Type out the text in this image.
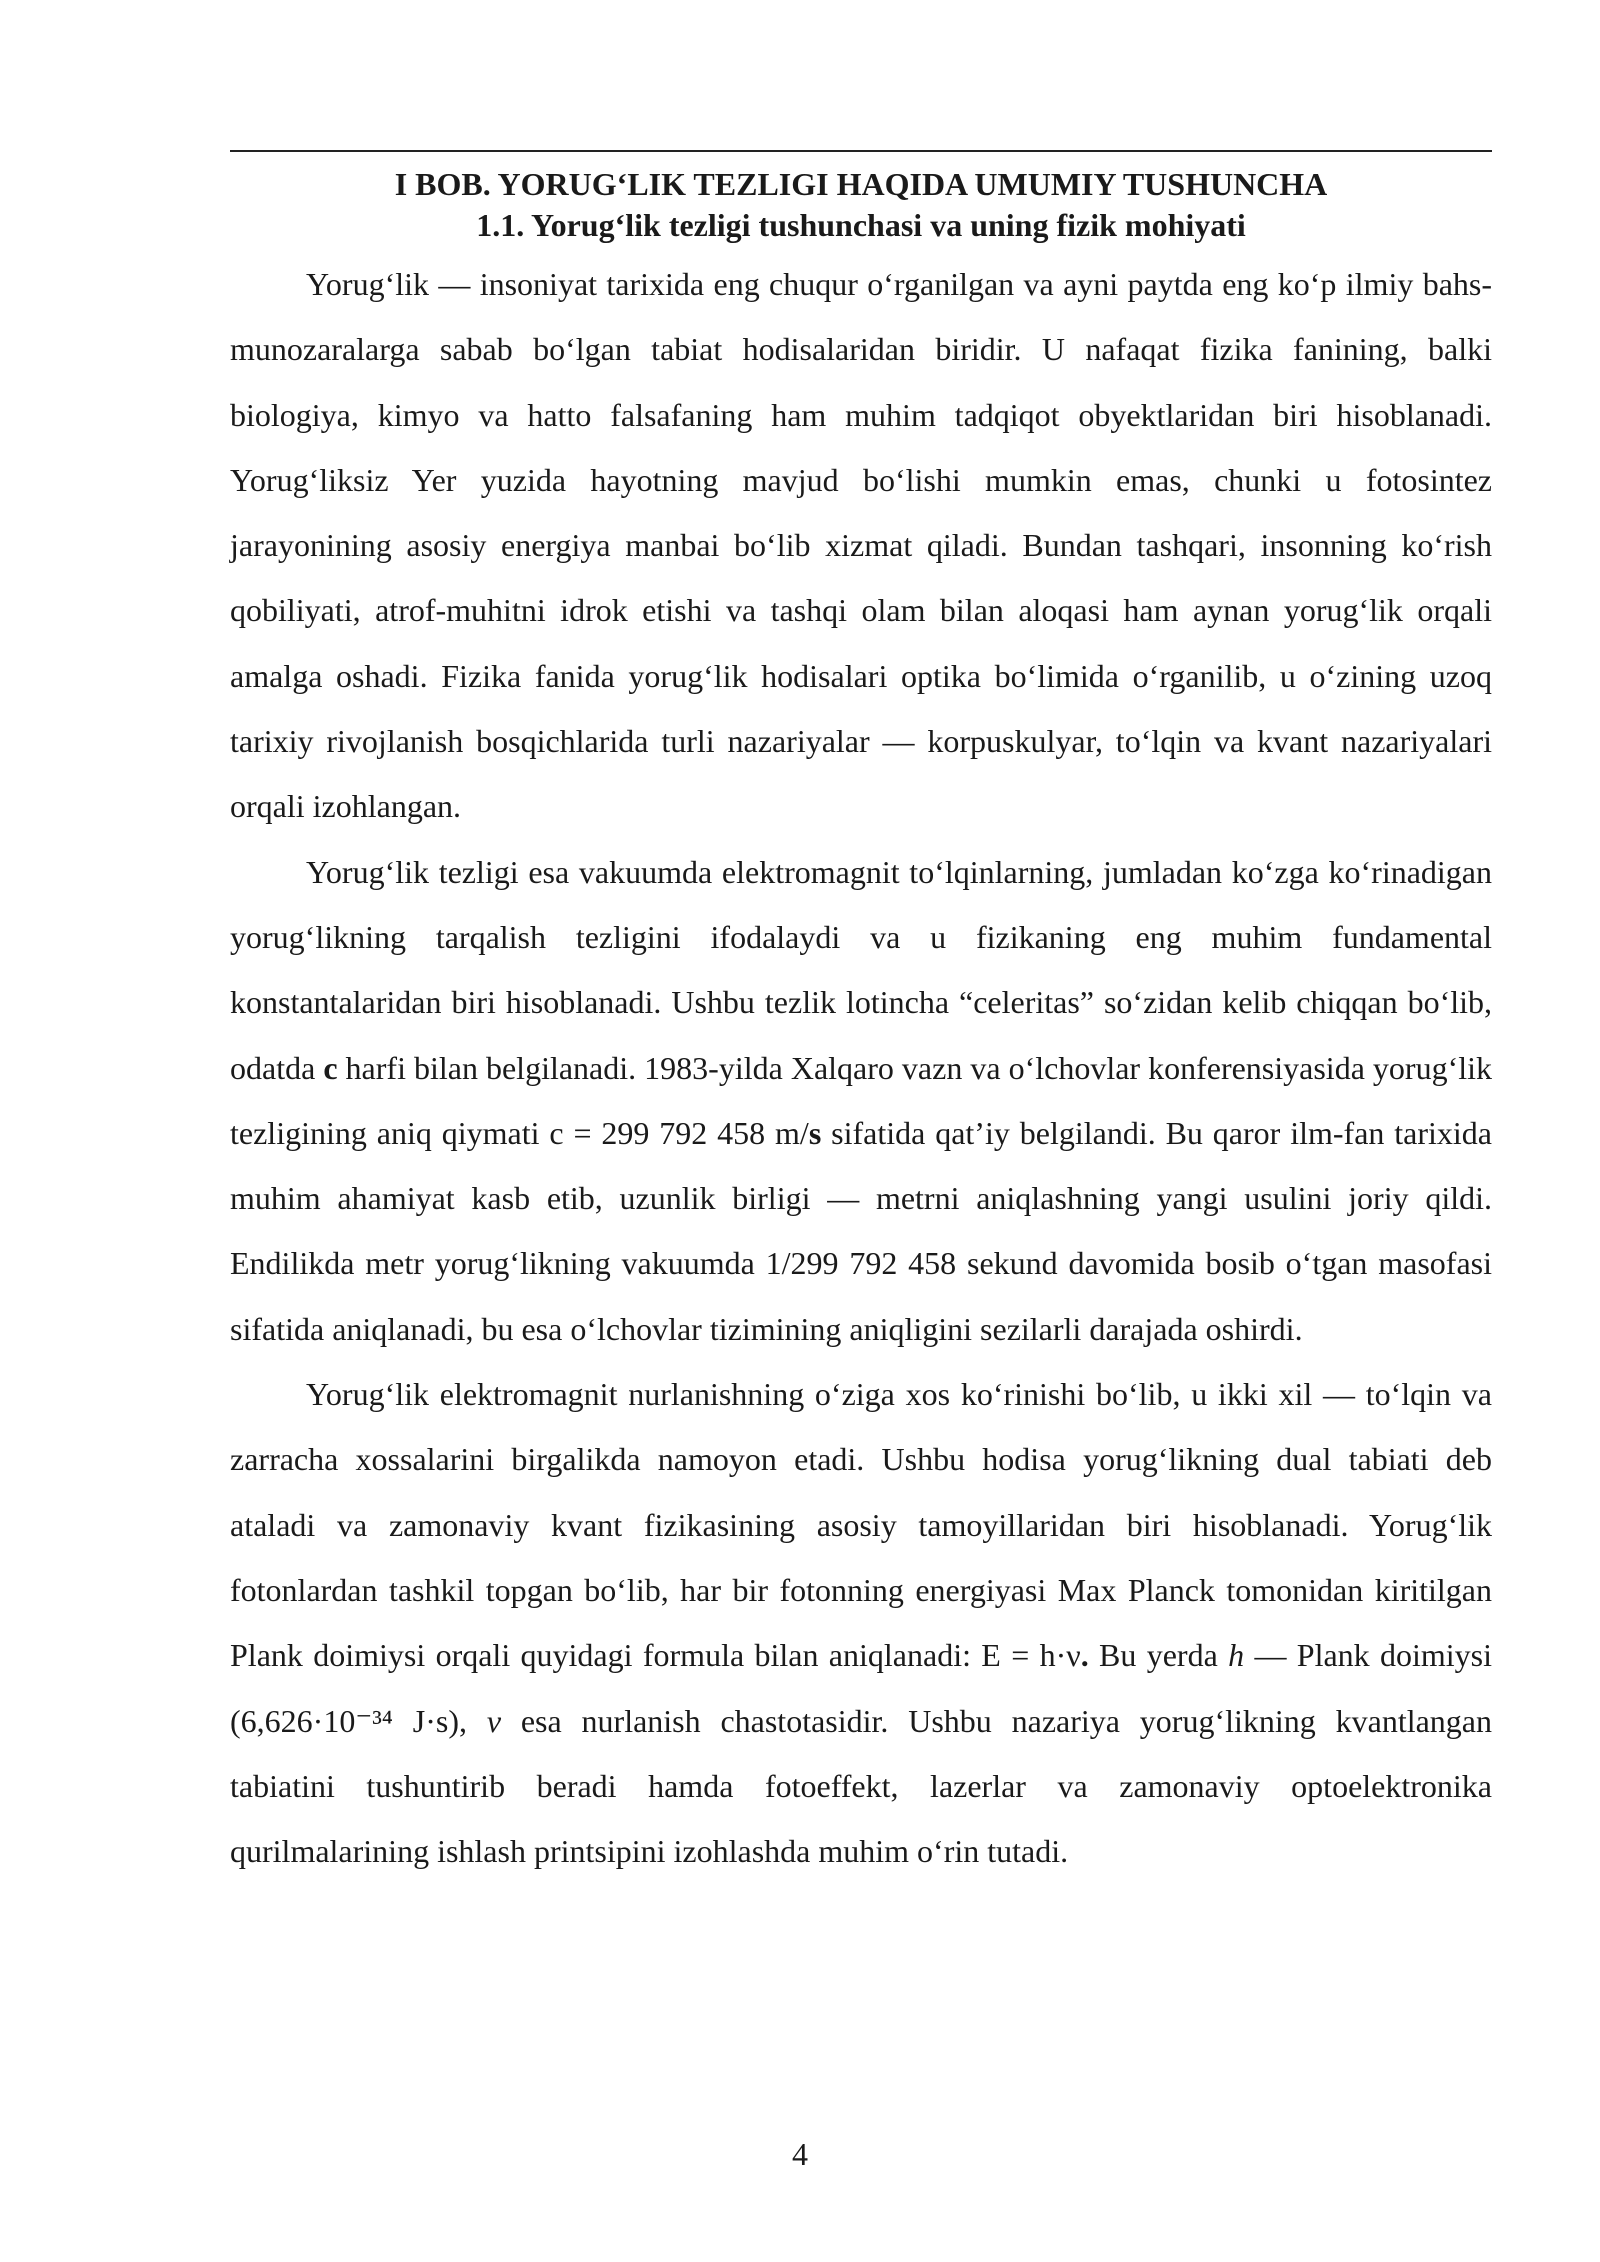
I BOB. YORUG‘LIK TEZLIGI HAQIDA UMUMIY TUSHUNCHA
1.1. Yorug‘lik tezligi tushunchasi va uning fizik mohiyati

Yorug‘lik — insoniyat tarixida eng chuqur o‘rganilgan va ayni paytda eng ko‘p ilmiy bahs-munozaralarga sabab bo‘lgan tabiat hodisalaridan biridir. U nafaqat fizika fanining, balki biologiya, kimyo va hatto falsafaning ham muhim tadqiqot obyektlaridan biri hisoblanadi. Yorug‘liksiz Yer yuzida hayotning mavjud bo‘lishi mumkin emas, chunki u fotosintez jarayonining asosiy energiya manbai bo‘lib xizmat qiladi. Bundan tashqari, insonning ko‘rish qobiliyati, atrof-muhitni idrok etishi va tashqi olam bilan aloqasi ham aynan yorug‘lik orqali amalga oshadi. Fizika fanida yorug‘lik hodisalari optika bo‘limida o‘rganilib, u o‘zining uzoq tarixiy rivojlanish bosqichlarida turli nazariyalar — korpuskulyar, to‘lqin va kvant nazariyalari orqali izohlangan.

Yorug‘lik tezligi esa vakuumda elektromagnit to‘lqinlarning, jumladan ko‘zga ko‘rinadigan yorug‘likning tarqalish tezligini ifodalaydi va u fizikaning eng muhim fundamental konstantalaridan biri hisoblanadi. Ushbu tezlik lotincha “celeritas” so‘zidan kelib chiqqan bo‘lib, odatda c harfi bilan belgilanadi. 1983-yilda Xalqaro vazn va o‘lchovlar konferensiyasida yorug‘lik tezligining aniq qiymati c = 299 792 458 m/s sifatida qat’iy belgilandi. Bu qaror ilm-fan tarixida muhim ahamiyat kasb etib, uzunlik birligi — metrni aniqlashning yangi usulini joriy qildi. Endilikda metr yorug‘likning vakuumda 1/299 792 458 sekund davomida bosib o‘tgan masofasi sifatida aniqlanadi, bu esa o‘lchovlar tizimining aniqligini sezilarli darajada oshirdi.

Yorug‘lik elektromagnit nurlanishning o‘ziga xos ko‘rinishi bo‘lib, u ikki xil — to‘lqin va zarracha xossalarini birgalikda namoyon etadi. Ushbu hodisa yorug‘likning dual tabiati deb ataladi va zamonaviy kvant fizikasining asosiy tamoyillaridan biri hisoblanadi. Yorug‘lik fotonlardan tashkil topgan bo‘lib, har bir fotonning energiyasi Max Planck tomonidan kiritilgan Plank doimiysi orqali quyidagi formula bilan aniqlanadi: E = h·ν. Bu yerda h — Plank doimiysi (6,626·10⁻³⁴ J·s), ν esa nurlanish chastotasidir. Ushbu nazariya yorug‘likning kvantlangan tabiatini tushuntirib beradi hamda fotoeffekt, lazerlar va zamonaviy optoelektronika qurilmalarining ishlash printsipini izohlashda muhim o‘rin tutadi.

4
